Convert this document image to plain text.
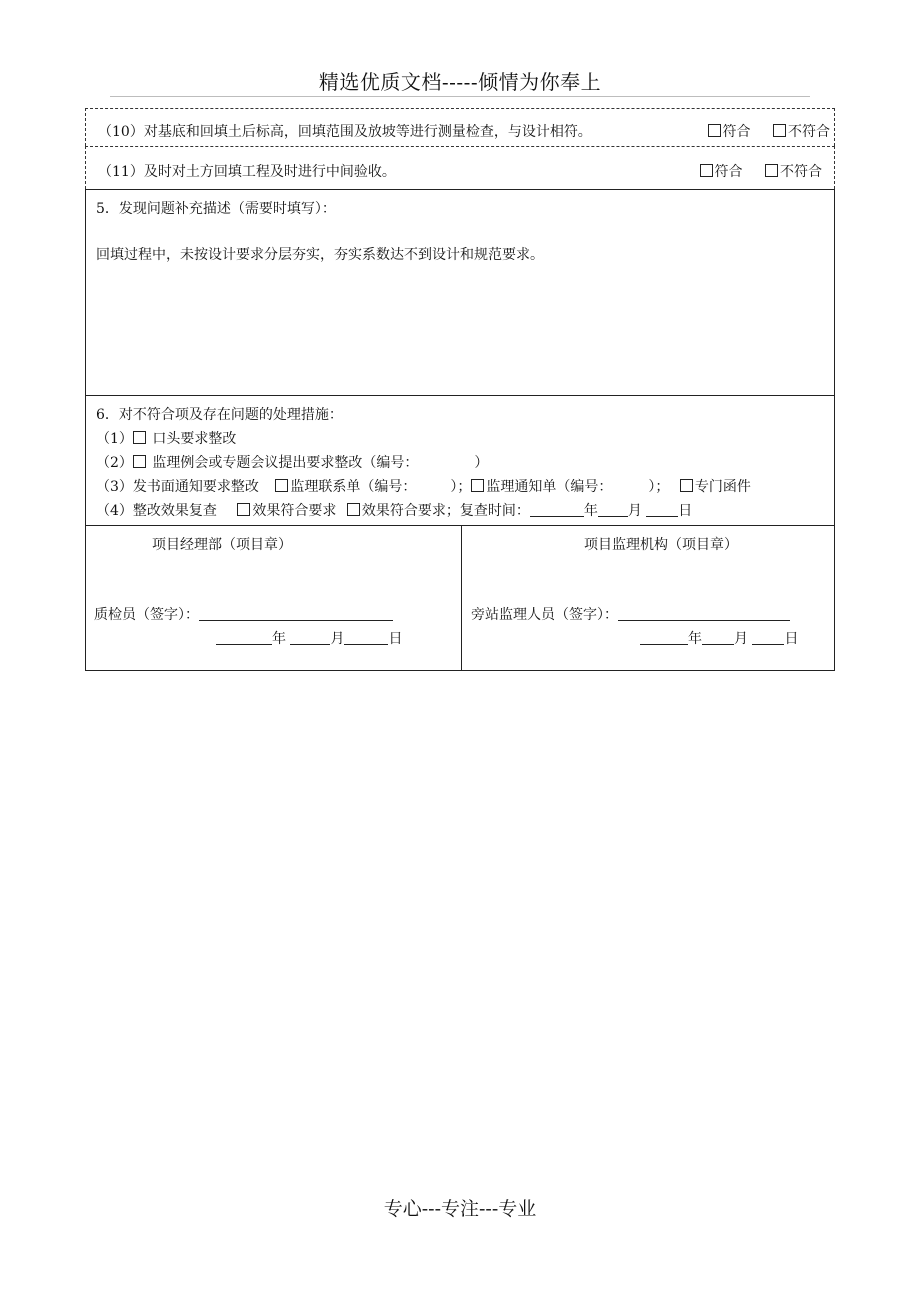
精选优质文档-----倾情为你奉上
（10）对基底和回填土后标高，回填范围及放坡等进行测量检查，与设计相符。	符合	不符合
（11）及时对土方回填工程及时进行中间验收。	符合	不符合
5．发现问题补充描述（需要时填写）：
回填过程中，未按设计要求分层夯实，夯实系数达不到设计和规范要求。
6．对不符合项及存在问题的处理措施：
（1） 口头要求整改
（2） 监理例会或专题会议提出要求整改（编号：	）
（3）发书面通知要求整改 监理联系单（编号： ）； 监理通知单（编号：	）； 专门函件
（4）整改效果复查	效果符合要求 效果符合要求；复查时间：	年 月	日
项目经理部（项目章）
质检员（签字）：
年	月	日
项目监理机构（项目章）
旁站监理人员（签字）：
年 月	日
专心---专注---专业
